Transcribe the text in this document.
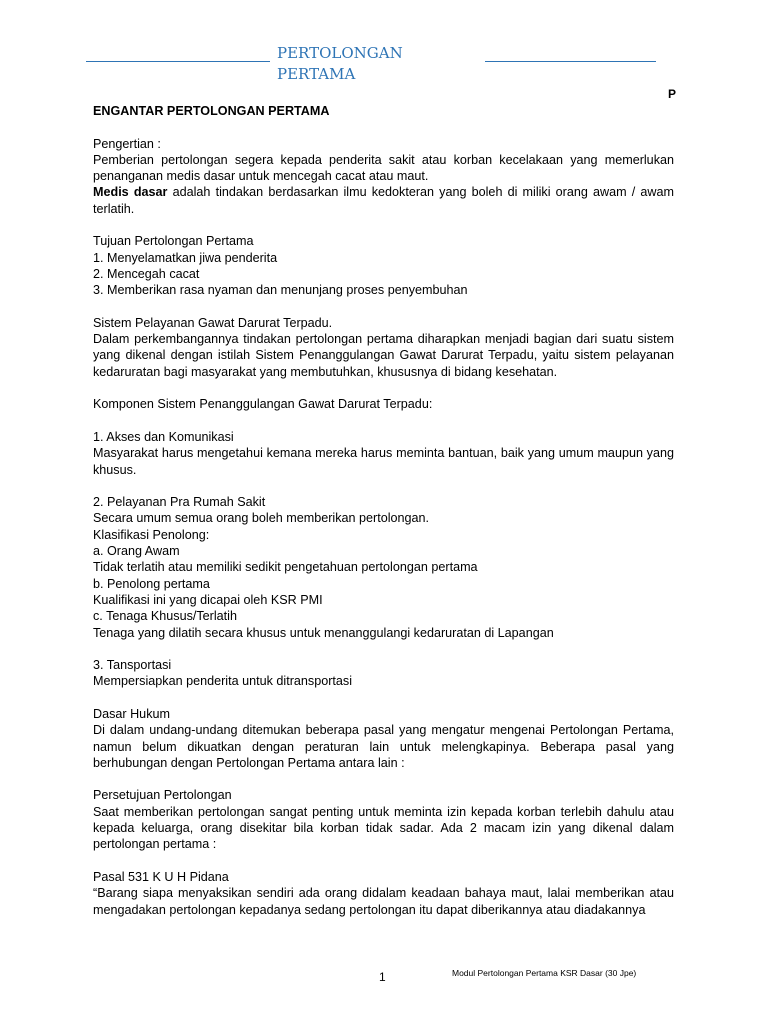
PERTOLONGAN
PERTAMA
P

ENGANTAR PERTOLONGAN PERTAMA

Pengertian :

Pemberian pertolongan segera kepada penderita sakit atau korban kecelakaan yang memerlukan penanganan medis dasar untuk mencegah cacat atau maut.

Medis dasar adalah tindakan berdasarkan ilmu kedokteran yang boleh di miliki orang awam / awam terlatih.

Tujuan Pertolongan Pertama

1. Menyelamatkan jiwa penderita

2. Mencegah cacat

3. Memberikan rasa nyaman dan menunjang proses penyembuhan

Sistem Pelayanan Gawat Darurat Terpadu.

Dalam perkembangannya tindakan pertolongan pertama diharapkan menjadi bagian dari suatu sistem yang dikenal dengan istilah Sistem Penanggulangan Gawat Darurat Terpadu, yaitu sistem pelayanan kedaruratan bagi masyarakat yang membutuhkan, khususnya di bidang kesehatan.

Komponen Sistem Penanggulangan Gawat Darurat Terpadu:

1. Akses dan Komunikasi

Masyarakat harus mengetahui kemana mereka harus meminta bantuan, baik yang umum maupun yang khusus.

2. Pelayanan Pra Rumah Sakit

Secara umum semua orang boleh memberikan pertolongan.

Klasifikasi Penolong:

a. Orang Awam

Tidak terlatih atau memiliki sedikit pengetahuan pertolongan pertama

b. Penolong pertama

Kualifikasi ini yang dicapai oleh KSR PMI

c. Tenaga Khusus/Terlatih

Tenaga yang dilatih secara khusus untuk menanggulangi kedaruratan di Lapangan

3. Tansportasi

Mempersiapkan penderita untuk ditransportasi

Dasar Hukum

Di dalam undang-undang ditemukan beberapa pasal yang mengatur mengenai Pertolongan Pertama, namun belum dikuatkan dengan peraturan lain untuk melengkapinya. Beberapa pasal yang berhubungan dengan Pertolongan Pertama antara lain :

Persetujuan Pertolongan

Saat memberikan pertolongan sangat penting untuk meminta izin kepada korban terlebih dahulu atau kepada keluarga, orang disekitar bila korban tidak sadar. Ada 2 macam izin yang dikenal dalam pertolongan pertama :

Pasal 531 K U H Pidana

“Barang siapa menyaksikan sendiri ada orang didalam keadaan bahaya maut, lalai memberikan atau mengadakan pertolongan kepadanya sedang pertolongan itu dapat diberikannya atau diadakannya

1	Modul Pertolongan Pertama KSR Dasar (30 Jpe)
